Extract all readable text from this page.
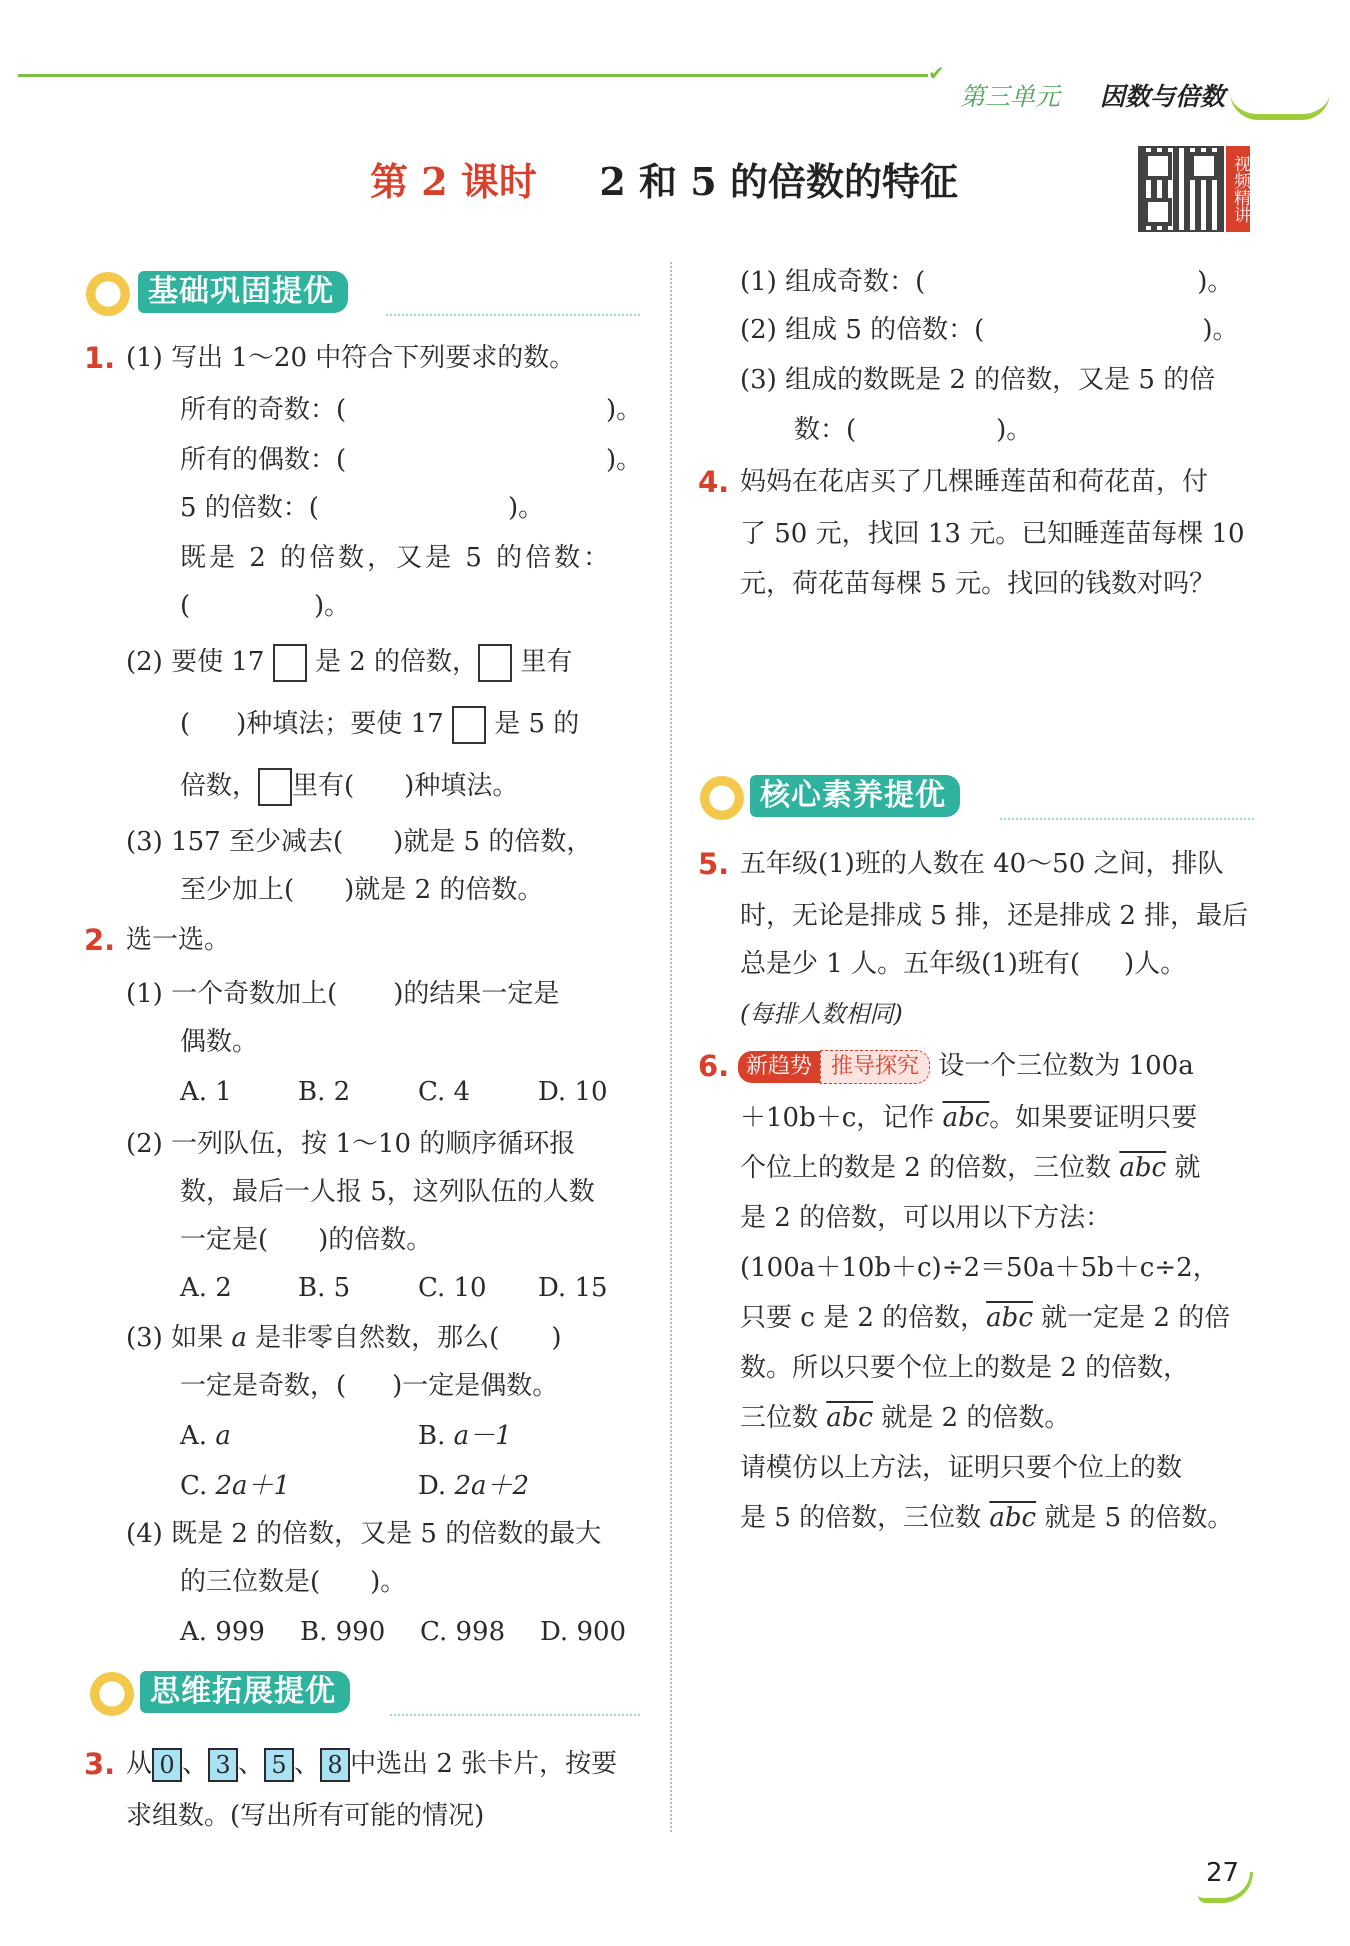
✔
第三单元 因数与倍数
第 2 课时 2 和 5 的倍数的特征	视频精讲
基础巩固提优
1. (1) 写出 1～20 中符合下列要求的数。
所有的奇数：(	)。
所有的偶数：(	)。
5 的倍数：(	)。
既是 2 的倍数，又是 5 的倍数：
(	)。
(2) 要使 17 是 2 的倍数， 里有
( )种填法；要使 17 是 5 的
倍数， 里有( )种填法。
(3) 157 至少减去( )就是 5 的倍数，
至少加上( )就是 2 的倍数。
2. 选一选。
(1) 一个奇数加上( )的结果一定是
偶数。
A. 1	B. 2	C. 4	D. 10
(2) 一列队伍，按 1～10 的顺序循环报
数，最后一人报 5，这列队伍的人数
一定是( )的倍数。
A. 2	B. 5	C. 10 D. 15
(3) 如果 a 是非零自然数，那么( )
一定是奇数，( )一定是偶数。
A. a	B. a－1
C. 2a＋1	D. 2a＋2
(4) 既是 2 的倍数，又是 5 的倍数的最大
的三位数是( )。
A. 999 B. 990 C. 998 D. 900
思维拓展提优
3. 从 0 、 3 、 5 、 8 中选出 2 张卡片，按要
求组数。(写出所有可能的情况)
(1) 组成奇数：(	)。
(2) 组成 5 的倍数：(	)。
(3) 组成的数既是 2 的倍数，又是 5 的倍
数：(	)。
4. 妈妈在花店买了几棵睡莲苗和荷花苗，付
了 50 元，找回 13 元。已知睡莲苗每棵 10
元，荷花苗每棵 5 元。找回的钱数对吗？
核心素养提优
5. 五年级(1)班的人数在 40～50 之间，排队
时，无论是排成 5 排，还是排成 2 排，最后
总是少 1 人。五年级(1)班有( )人。
(每排人数相同)
6. 新趋势 推导探究 设一个三位数为 100a
＋10b＋c，记作 $\overline{abc}$。如果要证明只要
个位上的数是 2 的倍数，三位数 $\overline{abc}$ 就
是 2 的倍数，可以用以下方法：
(100a＋10b＋c)÷2＝50a＋5b＋c÷2，
只要 c 是 2 的倍数，$\overline{abc}$ 就一定是 2 的倍
数。所以只要个位上的数是 2 的倍数，
三位数 $\overline{abc}$ 就是 2 的倍数。
请模仿以上方法，证明只要个位上的数
是 5 的倍数，三位数 $\overline{abc}$ 就是 5 的倍数。
27
